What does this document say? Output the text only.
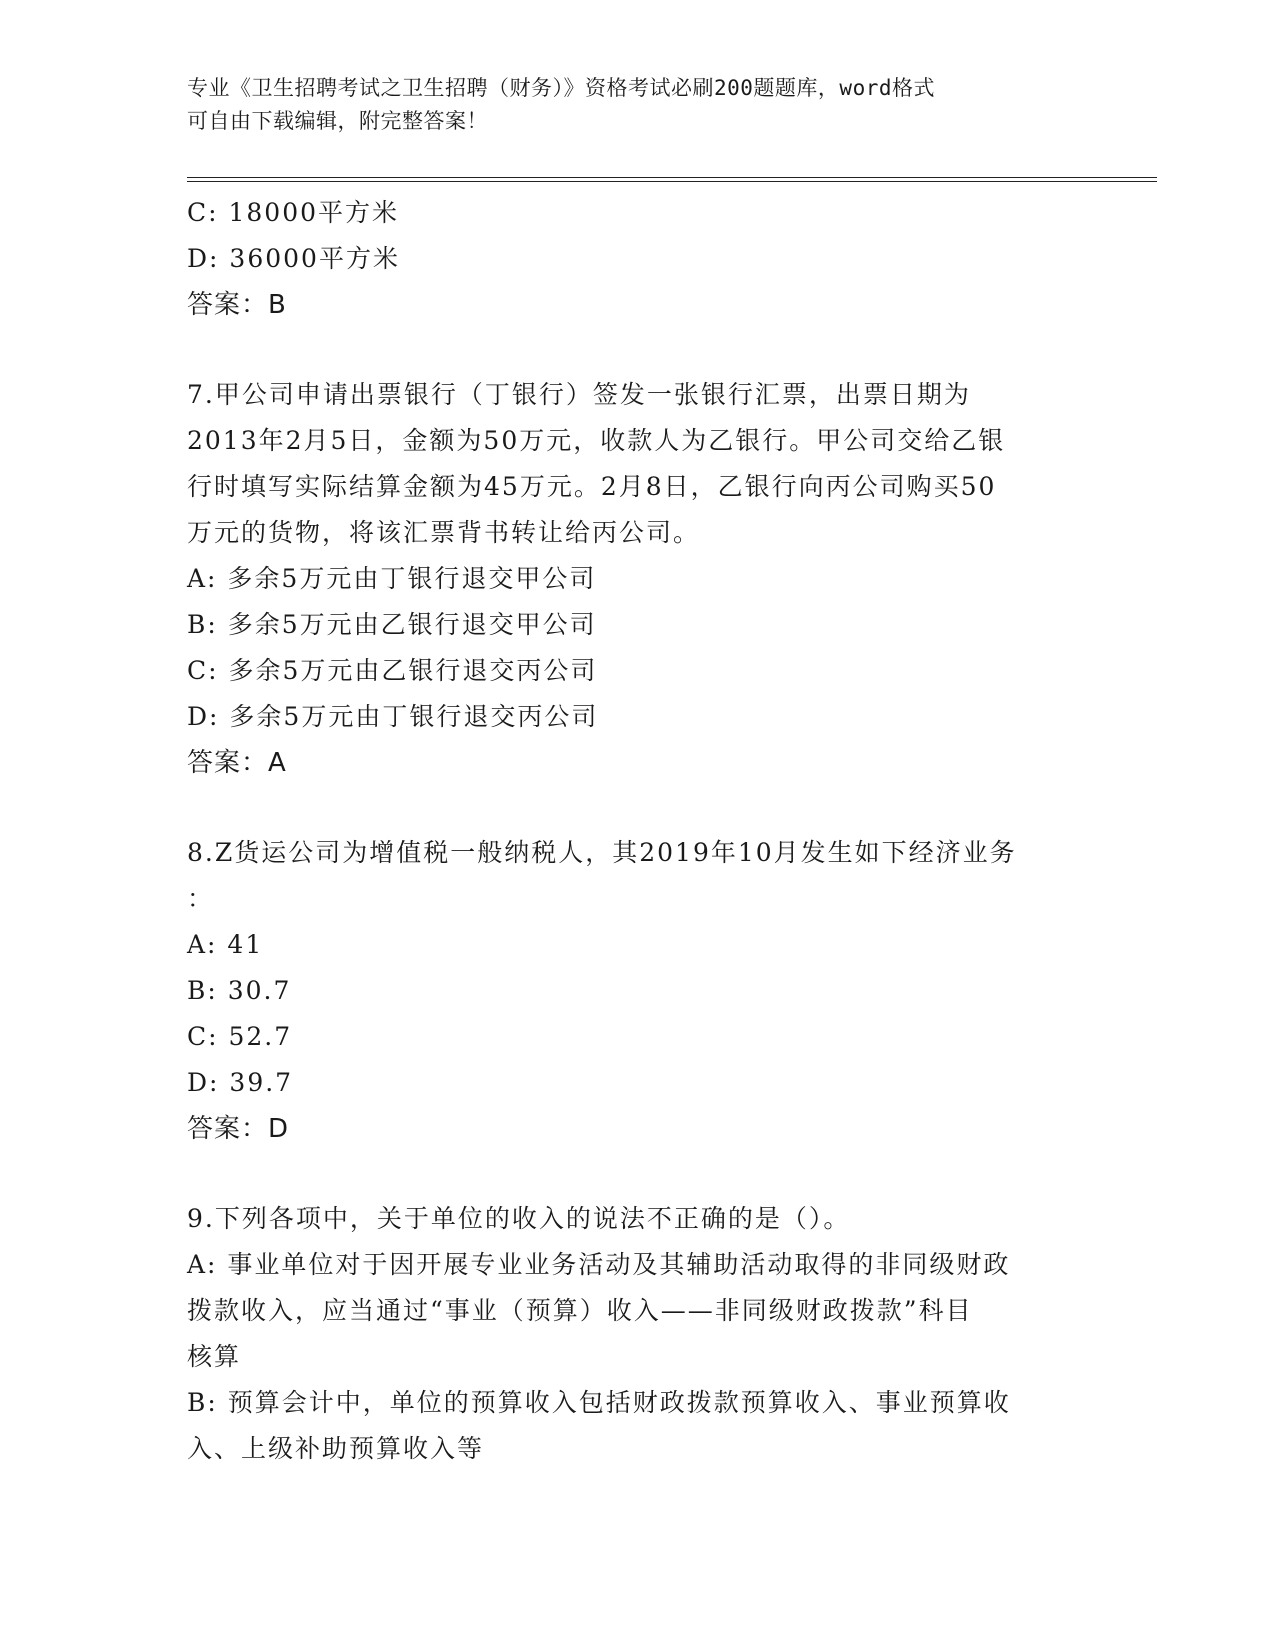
专业《卫生招聘考试之卫生招聘（财务）》资格考试必刷200题题库，word格式
可自由下载编辑，附完整答案！
C: 18000平方米
D: 36000平方米
答案：B
7.甲公司申请出票银行（丁银行）签发一张银行汇票，出票日期为
2013年2月5日，金额为50万元，收款人为乙银行。甲公司交给乙银
行时填写实际结算金额为45万元。2月8日，乙银行向丙公司购买50
万元的货物，将该汇票背书转让给丙公司。
A: 多余5万元由丁银行退交甲公司
B: 多余5万元由乙银行退交甲公司
C: 多余5万元由乙银行退交丙公司
D: 多余5万元由丁银行退交丙公司
答案：A
8.Z货运公司为增值税一般纳税人，其2019年10月发生如下经济业务
：
A: 41
B: 30.7
C: 52.7
D: 39.7
答案：D
9.下列各项中，关于单位的收入的说法不正确的是（）。
A: 事业单位对于因开展专业业务活动及其辅助活动取得的非同级财政
拨款收入，应当通过“事业（预算）收入——非同级财政拨款”科目
核算
B: 预算会计中，单位的预算收入包括财政拨款预算收入、事业预算收
入、上级补助预算收入等
